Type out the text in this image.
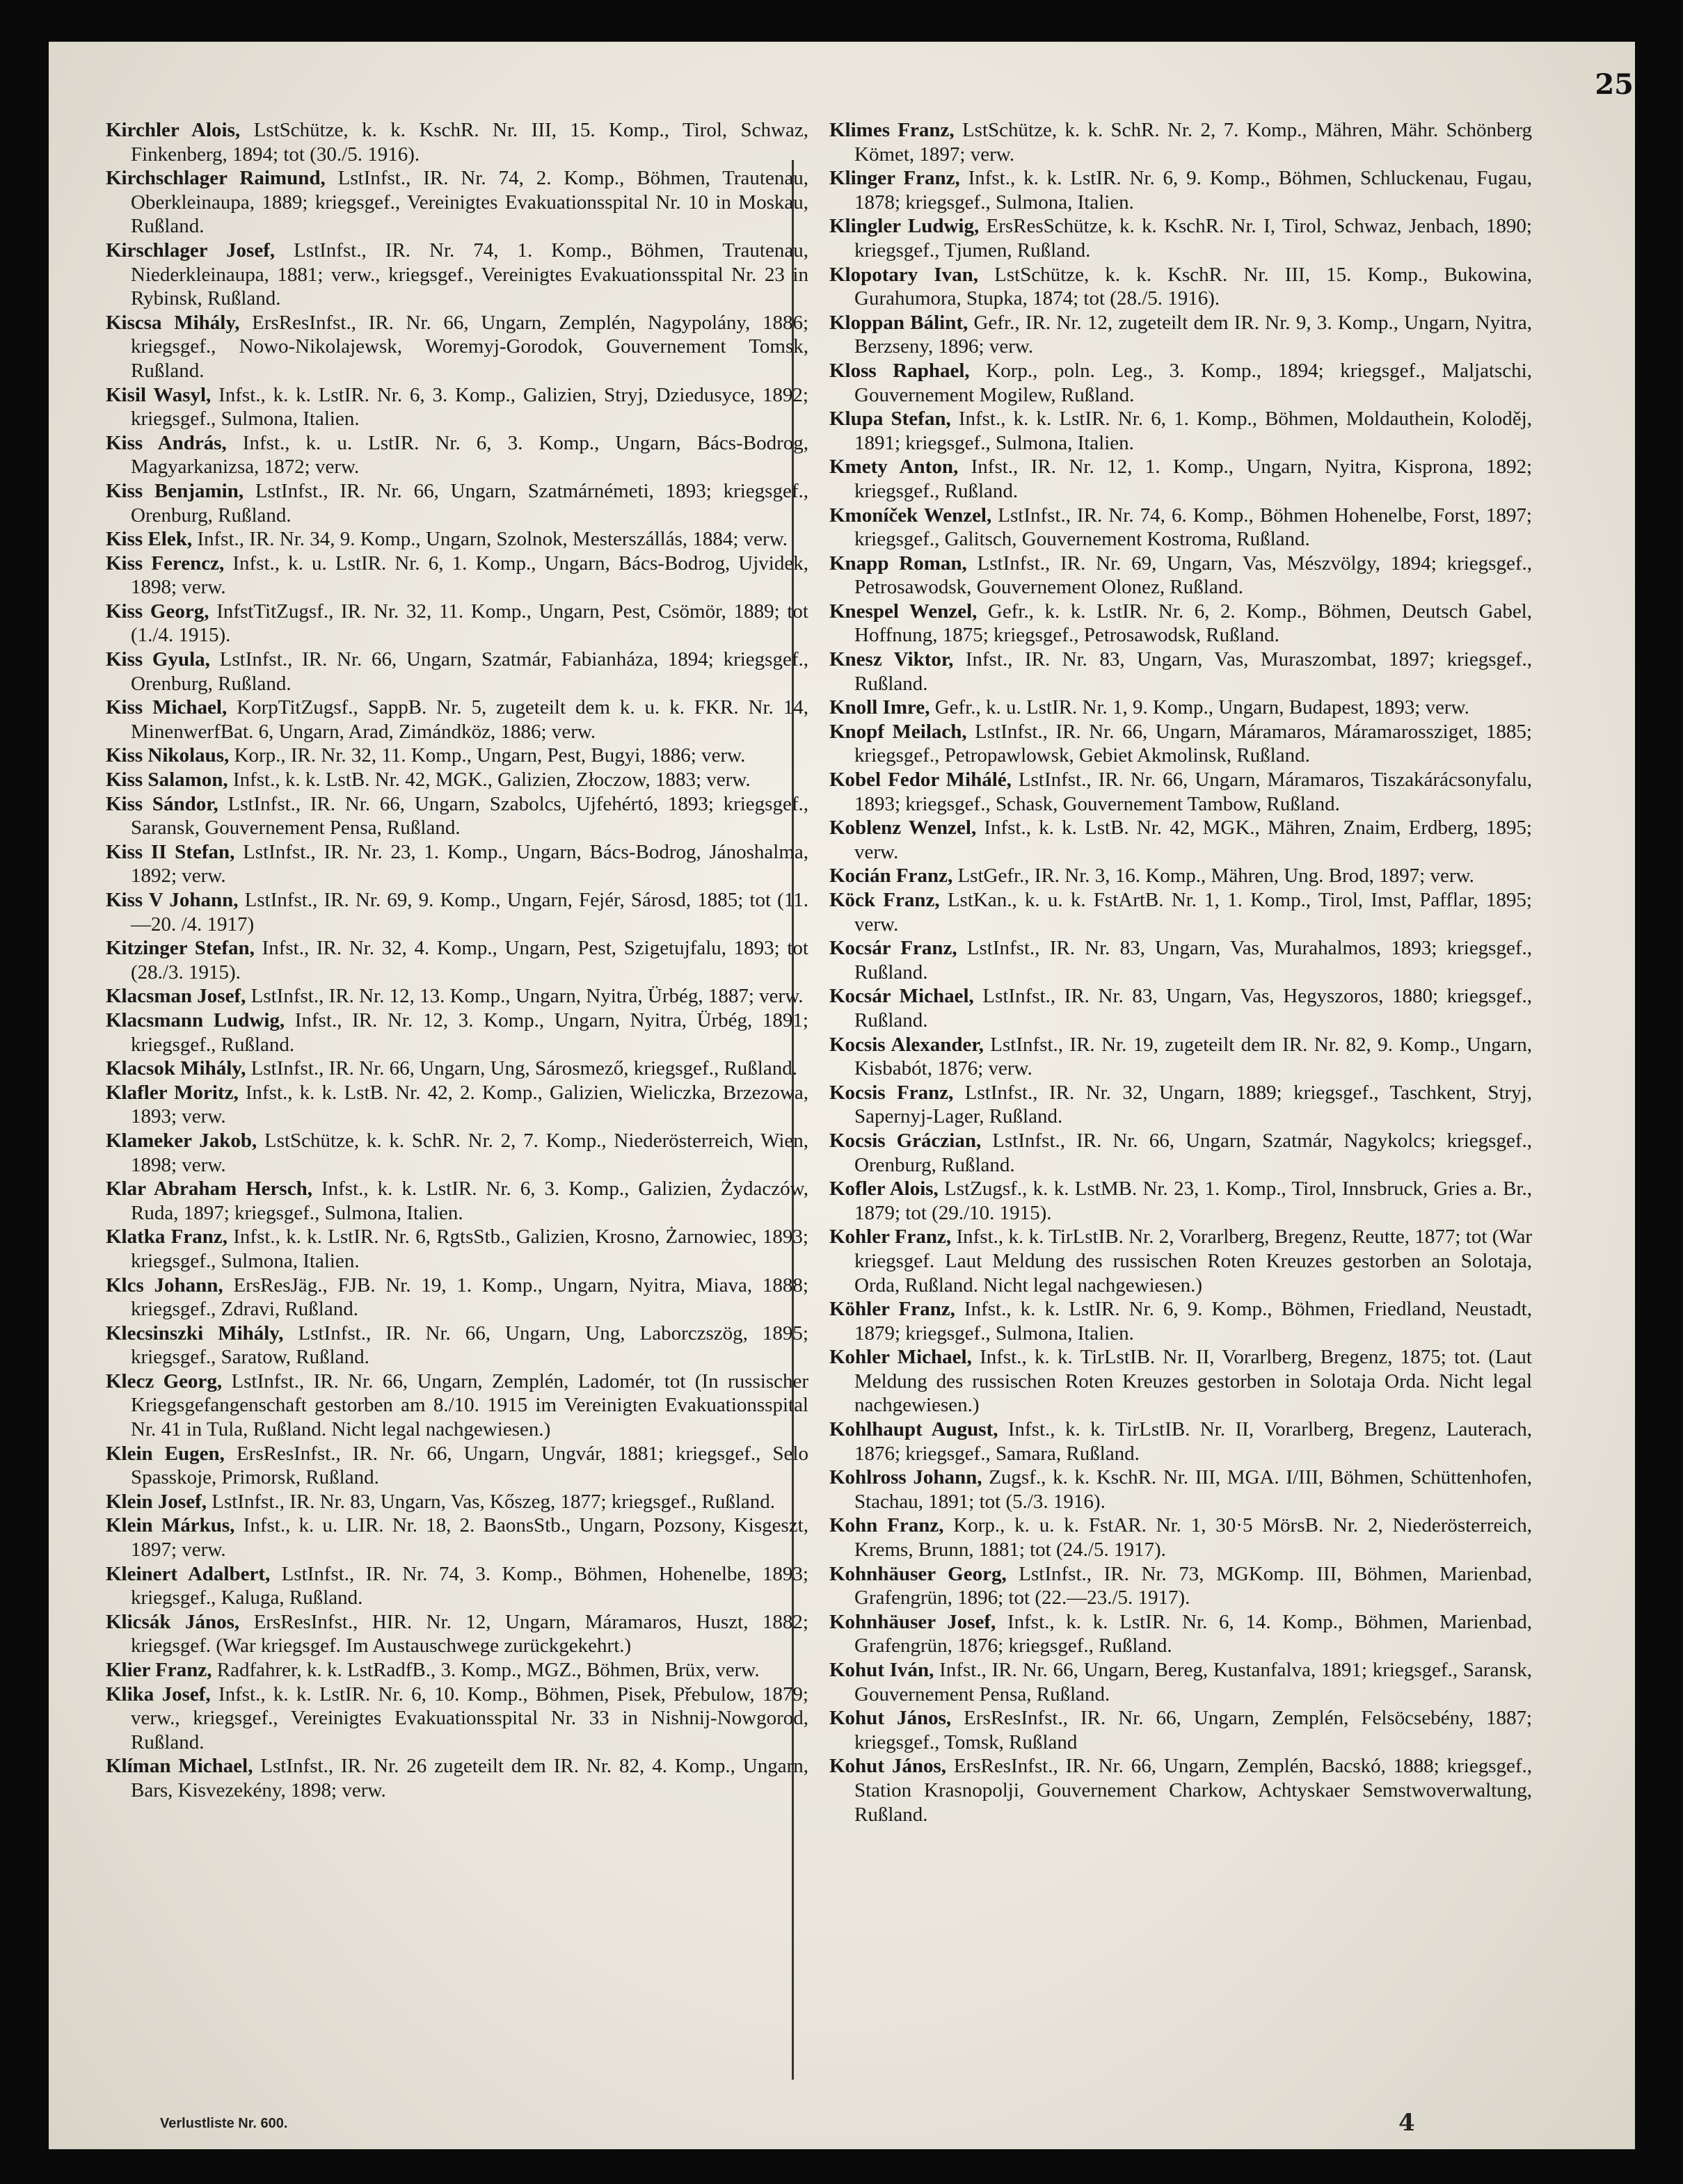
25

Kirchler Alois, LstSchütze, k. k. KschR. Nr. III, 15. Komp., Tirol, Schwaz, Finkenberg, 1894; tot (30./5. 1916).

Kirchschlager Raimund, LstInfst., IR. Nr. 74, 2. Komp., Böhmen, Trautenau, Oberkleinaupa, 1889; kriegsgef., Vereinigtes Evakuationsspital Nr. 10 in Moskau, Rußland.

Kirschlager Josef, LstInfst., IR. Nr. 74, 1. Komp., Böhmen, Trautenau, Niederkleinaupa, 1881; verw., kriegsgef., Vereinigtes Evakuationsspital Nr. 23 in Rybinsk, Rußland.

Kiscsa Mihály, ErsResInfst., IR. Nr. 66, Ungarn, Zemplén, Nagypolány, 1886; kriegsgef., Nowo-Nikolajewsk, Woremyj-Gorodok, Gouvernement Tomsk, Rußland.

Kisil Wasyl, Infst., k. k. LstIR. Nr. 6, 3. Komp., Galizien, Stryj, Dziedusyce, 1892; kriegsgef., Sulmona, Italien.

Kiss András, Infst., k. u. LstIR. Nr. 6, 3. Komp., Ungarn, Bács-Bodrog, Magyarkanizsa, 1872; verw.

Kiss Benjamin, LstInfst., IR. Nr. 66, Ungarn, Szatmárnémeti, 1893; kriegsgef., Orenburg, Rußland.

Kiss Elek, Infst., IR. Nr. 34, 9. Komp., Ungarn, Szolnok, Mesterszállás, 1884; verw.

Kiss Ferencz, Infst., k. u. LstIR. Nr. 6, 1. Komp., Ungarn, Bács-Bodrog, Ujvidek, 1898; verw.

Kiss Georg, InfstTitZugsf., IR. Nr. 32, 11. Komp., Ungarn, Pest, Csömör, 1889; tot (1./4. 1915).

Kiss Gyula, LstInfst., IR. Nr. 66, Ungarn, Szatmár, Fabianháza, 1894; kriegsgef., Orenburg, Rußland.

Kiss Michael, KorpTitZugsf., SappB. Nr. 5, zugeteilt dem k. u. k. FKR. Nr. 14, MinenwerfBat. 6, Ungarn, Arad, Zimándköz, 1886; verw.

Kiss Nikolaus, Korp., IR. Nr. 32, 11. Komp., Ungarn, Pest, Bugyi, 1886; verw.

Kiss Salamon, Infst., k. k. LstB. Nr. 42, MGK., Galizien, Złoczow, 1883; verw.

Kiss Sándor, LstInfst., IR. Nr. 66, Ungarn, Szabolcs, Ujfehértó, 1893; kriegsgef., Saransk, Gouvernement Pensa, Rußland.

Kiss II Stefan, LstInfst., IR. Nr. 23, 1. Komp., Ungarn, Bács-Bodrog, Jánoshalma, 1892; verw.

Kiss V Johann, LstInfst., IR. Nr. 69, 9. Komp., Ungarn, Fejér, Sárosd, 1885; tot (11.—20. /4. 1917)

Kitzinger Stefan, Infst., IR. Nr. 32, 4. Komp., Ungarn, Pest, Szigetujfalu, 1893; tot (28./3. 1915).

Klacsman Josef, LstInfst., IR. Nr. 12, 13. Komp., Ungarn, Nyitra, Ürbég, 1887; verw.

Klacsmann Ludwig, Infst., IR. Nr. 12, 3. Komp., Ungarn, Nyitra, Ürbég, 1891; kriegsgef., Rußland.

Klacsok Mihály, LstInfst., IR. Nr. 66, Ungarn, Ung, Sárosmező, kriegsgef., Rußland.

Klafler Moritz, Infst., k. k. LstB. Nr. 42, 2. Komp., Galizien, Wieliczka, Brzezowa, 1893; verw.

Klameker Jakob, LstSchütze, k. k. SchR. Nr. 2, 7. Komp., Niederösterreich, Wien, 1898; verw.

Klar Abraham Hersch, Infst., k. k. LstIR. Nr. 6, 3. Komp., Galizien, Żydaczów, Ruda, 1897; kriegsgef., Sulmona, Italien.

Klatka Franz, Infst., k. k. LstIR. Nr. 6, RgtsStb., Galizien, Krosno, Żarnowiec, 1893; kriegsgef., Sulmona, Italien.

Klcs Johann, ErsResJäg., FJB. Nr. 19, 1. Komp., Ungarn, Nyitra, Miava, 1888; kriegsgef., Zdravi, Rußland.

Klecsinszki Mihály, LstInfst., IR. Nr. 66, Ungarn, Ung, Laborczszög, 1895; kriegsgef., Saratow, Rußland.

Klecz Georg, LstInfst., IR. Nr. 66, Ungarn, Zemplén, Ladomér, tot (In russischer Kriegsgefangenschaft gestorben am 8./10. 1915 im Vereinigten Evakuationsspital Nr. 41 in Tula, Rußland. Nicht legal nachgewiesen.)

Klein Eugen, ErsResInfst., IR. Nr. 66, Ungarn, Ungvár, 1881; kriegsgef., Selo Spasskoje, Primorsk, Rußland.

Klein Josef, LstInfst., IR. Nr. 83, Ungarn, Vas, Kőszeg, 1877; kriegsgef., Rußland.

Klein Márkus, Infst., k. u. LIR. Nr. 18, 2. BaonsStb., Ungarn, Pozsony, Kisgeszt, 1897; verw.

Kleinert Adalbert, LstInfst., IR. Nr. 74, 3. Komp., Böhmen, Hohenelbe, 1893; kriegsgef., Kaluga, Rußland.

Klicsák János, ErsResInfst., HIR. Nr. 12, Ungarn, Máramaros, Huszt, 1882; kriegsgef. (War kriegsgef. Im Austauschwege zurückgekehrt.)

Klier Franz, Radfahrer, k. k. LstRadfB., 3. Komp., MGZ., Böhmen, Brüx, verw.

Klika Josef, Infst., k. k. LstIR. Nr. 6, 10. Komp., Böhmen, Pisek, Přebulow, 1879; verw., kriegsgef., Vereinigtes Evakuationsspital Nr. 33 in Nishnij-Nowgorod, Rußland.

Klíman Michael, LstInfst., IR. Nr. 26 zugeteilt dem IR. Nr. 82, 4. Komp., Ungarn, Bars, Kisvezekény, 1898; verw.

Klimes Franz, LstSchütze, k. k. SchR. Nr. 2, 7. Komp., Mähren, Mähr. Schönberg Kömet, 1897; verw.

Klinger Franz, Infst., k. k. LstIR. Nr. 6, 9. Komp., Böhmen, Schluckenau, Fugau, 1878; kriegsgef., Sulmona, Italien.

Klingler Ludwig, ErsResSchütze, k. k. KschR. Nr. I, Tirol, Schwaz, Jenbach, 1890; kriegsgef., Tjumen, Rußland.

Klopotary Ivan, LstSchütze, k. k. KschR. Nr. III, 15. Komp., Bukowina, Gurahumora, Stupka, 1874; tot (28./5. 1916).

Kloppan Bálint, Gefr., IR. Nr. 12, zugeteilt dem IR. Nr. 9, 3. Komp., Ungarn, Nyitra, Berzseny, 1896; verw.

Kloss Raphael, Korp., poln. Leg., 3. Komp., 1894; kriegsgef., Maljatschi, Gouvernement Mogilew, Rußland.

Klupa Stefan, Infst., k. k. LstIR. Nr. 6, 1. Komp., Böhmen, Moldauthein, Koloděj, 1891; kriegsgef., Sulmona, Italien.

Kmety Anton, Infst., IR. Nr. 12, 1. Komp., Ungarn, Nyitra, Kisprona, 1892; kriegsgef., Rußland.

Kmoníček Wenzel, LstInfst., IR. Nr. 74, 6. Komp., Böhmen Hohenelbe, Forst, 1897; kriegsgef., Galitsch, Gouvernement Kostroma, Rußland.

Knapp Roman, LstInfst., IR. Nr. 69, Ungarn, Vas, Mészvölgy, 1894; kriegsgef., Petrosawodsk, Gouvernement Olonez, Rußland.

Knespel Wenzel, Gefr., k. k. LstIR. Nr. 6, 2. Komp., Böhmen, Deutsch Gabel, Hoffnung, 1875; kriegsgef., Petrosawodsk, Rußland.

Knesz Viktor, Infst., IR. Nr. 83, Ungarn, Vas, Muraszombat, 1897; kriegsgef., Rußland.

Knoll Imre, Gefr., k. u. LstIR. Nr. 1, 9. Komp., Ungarn, Budapest, 1893; verw.

Knopf Meilach, LstInfst., IR. Nr. 66, Ungarn, Máramaros, Máramarossziget, 1885; kriegsgef., Petropawlowsk, Gebiet Akmolinsk, Rußland.

Kobel Fedor Mihálé, LstInfst., IR. Nr. 66, Ungarn, Máramaros, Tiszakárácsonyfalu, 1893; kriegsgef., Schask, Gouvernement Tambow, Rußland.

Koblenz Wenzel, Infst., k. k. LstB. Nr. 42, MGK., Mähren, Znaim, Erdberg, 1895; verw.

Kocián Franz, LstGefr., IR. Nr. 3, 16. Komp., Mähren, Ung. Brod, 1897; verw.

Köck Franz, LstKan., k. u. k. FstArtB. Nr. 1, 1. Komp., Tirol, Imst, Pafflar, 1895; verw.

Kocsár Franz, LstInfst., IR. Nr. 83, Ungarn, Vas, Murahalmos, 1893; kriegsgef., Rußland.

Kocsár Michael, LstInfst., IR. Nr. 83, Ungarn, Vas, Hegyszoros, 1880; kriegsgef., Rußland.

Kocsis Alexander, LstInfst., IR. Nr. 19, zugeteilt dem IR. Nr. 82, 9. Komp., Ungarn, Kisbabót, 1876; verw.

Kocsis Franz, LstInfst., IR. Nr. 32, Ungarn, 1889; kriegsgef., Taschkent, Stryj, Sapernyj-Lager, Rußland.

Kocsis Gráczian, LstInfst., IR. Nr. 66, Ungarn, Szatmár, Nagykolcs; kriegsgef., Orenburg, Rußland.

Kofler Alois, LstZugsf., k. k. LstMB. Nr. 23, 1. Komp., Tirol, Innsbruck, Gries a. Br., 1879; tot (29./10. 1915).

Kohler Franz, Infst., k. k. TirLstIB. Nr. 2, Vorarlberg, Bregenz, Reutte, 1877; tot (War kriegsgef. Laut Meldung des russischen Roten Kreuzes gestorben an Solotaja, Orda, Rußland. Nicht legal nachgewiesen.)

Köhler Franz, Infst., k. k. LstIR. Nr. 6, 9. Komp., Böhmen, Friedland, Neustadt, 1879; kriegsgef., Sulmona, Italien.

Kohler Michael, Infst., k. k. TirLstIB. Nr. II, Vorarlberg, Bregenz, 1875; tot. (Laut Meldung des russischen Roten Kreuzes gestorben in Solotaja Orda. Nicht legal nachgewiesen.)

Kohlhaupt August, Infst., k. k. TirLstIB. Nr. II, Vorarlberg, Bregenz, Lauterach, 1876; kriegsgef., Samara, Rußland.

Kohlross Johann, Zugsf., k. k. KschR. Nr. III, MGA. I/III, Böhmen, Schüttenhofen, Stachau, 1891; tot (5./3. 1916).

Kohn Franz, Korp., k. u. k. FstAR. Nr. 1, 30·5 MörsB. Nr. 2, Niederösterreich, Krems, Brunn, 1881; tot (24./5. 1917).

Kohnhäuser Georg, LstInfst., IR. Nr. 73, MGKomp. III, Böhmen, Marienbad, Grafengrün, 1896; tot (22.—23./5. 1917).

Kohnhäuser Josef, Infst., k. k. LstIR. Nr. 6, 14. Komp., Böhmen, Marienbad, Grafengrün, 1876; kriegsgef., Rußland.

Kohut Iván, Infst., IR. Nr. 66, Ungarn, Bereg, Kustanfalva, 1891; kriegsgef., Saransk, Gouvernement Pensa, Rußland.

Kohut János, ErsResInfst., IR. Nr. 66, Ungarn, Zemplén, Felsöcsebény, 1887; kriegsgef., Tomsk, Rußland

Kohut János, ErsResInfst., IR. Nr. 66, Ungarn, Zemplén, Bacskó, 1888; kriegsgef., Station Krasnopolji, Gouvernement Charkow, Achtyskaer Semstwoverwaltung, Rußland.

Verlustliste Nr. 600.	4
